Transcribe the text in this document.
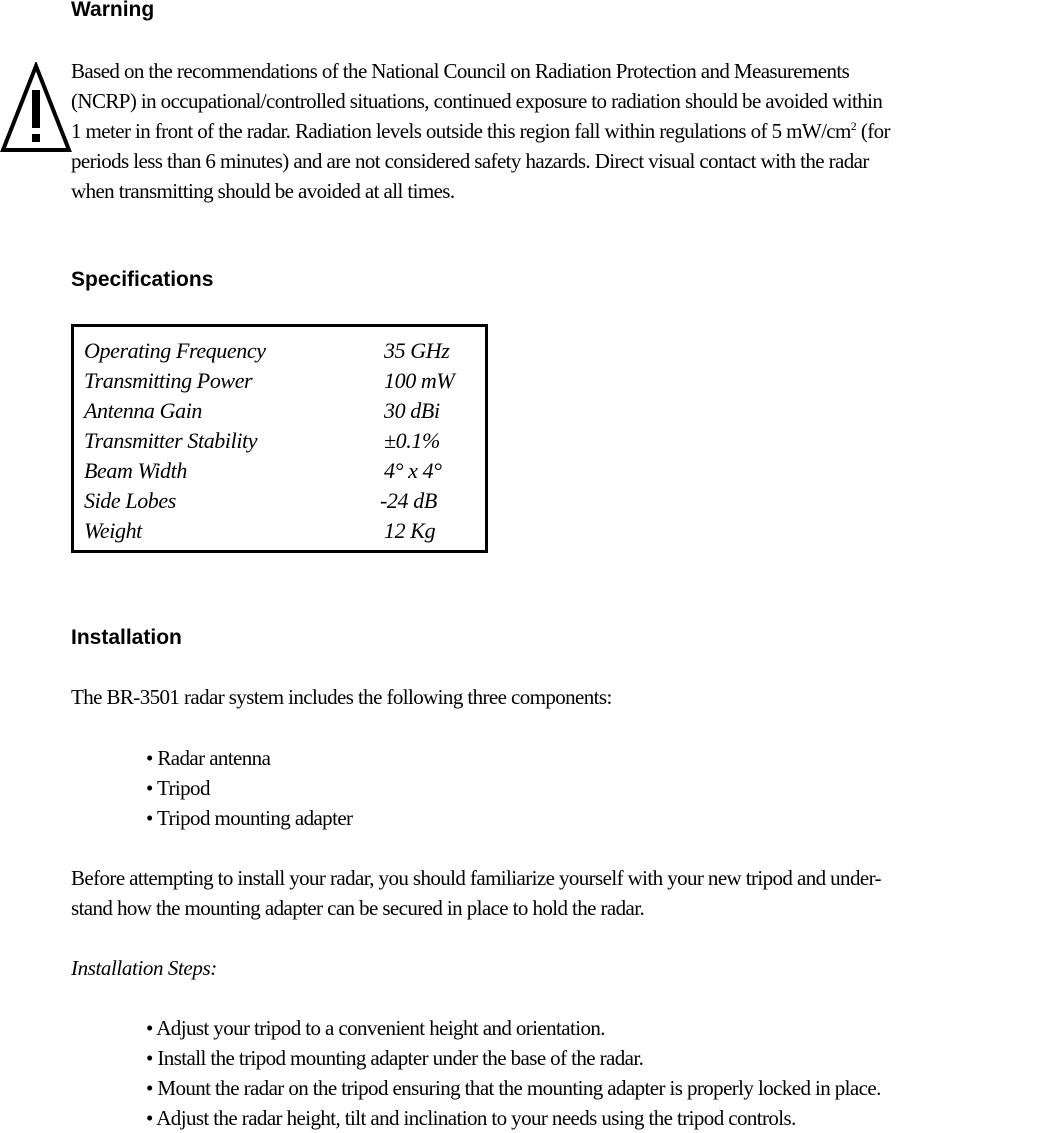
Warning

Based on the recommendations of the National Council on Radiation Protection and Measurements

(NCRP) in occupational/controlled situations, continued exposure to radiation should be avoided within

1 meter in front of the radar. Radiation levels outside this region fall within regulations of 5 $mW/cm^2$ (for

periods less than 6 minutes) and are not considered safety hazards. Direct visual contact with the radar

when transmitting should be avoided at all times.

Specifications
Operating Frequency	35 GHz
Transmitting Power	100 mW
Antenna Gain	30 dBi
Transmitter Stability	±0.1%
Beam Width	4° x 4°
Side Lobes	-24 dB
Weight	12 Kg
Installation

The BR-3501 radar system includes the following three components:

• Radar antenna
• Tripod
• Tripod mounting adapter

Before attempting to install your radar, you should familiarize yourself with your new tripod and under-

stand how the mounting adapter can be secured in place to hold the radar.

Installation Steps:

• Adjust your tripod to a convenient height and orientation.
• Install the tripod mounting adapter under the base of the radar.
• Mount the radar on the tripod ensuring that the mounting adapter is properly locked in place.
• Adjust the radar height, tilt and inclination to your needs using the tripod controls.
